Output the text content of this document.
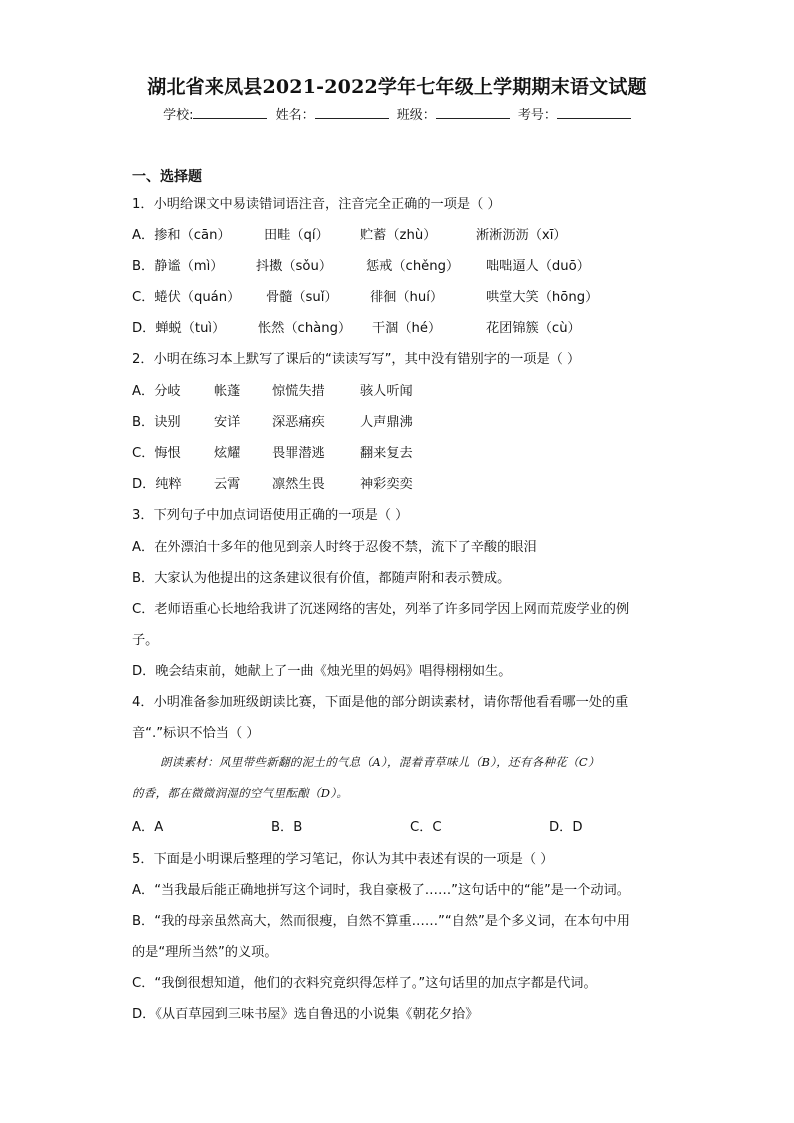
湖北省来凤县2021-2022学年七年级上学期期末语文试题
学校:	姓名：	班级：	考号：
一、选择题
1．小明给课文中易读错词语注音，注音完全正确的一项是（ ）
A．掺和（cān）	田畦（qí） 贮蓄（zhù）	淅淅沥沥（xī）
B．静谧（mì） 抖擞（sǒu）	惩戒（chěng） 咄咄逼人（duō）
C．蜷伏（quán） 骨髓（suǐ） 徘徊（huí）	哄堂大笑（hōng）
D．蝉蜕（tuì） 怅然（chàng） 干涸（hé）	花团锦簇（cù）
2．小明在练习本上默写了课后的“读读写写”，其中没有错别字的一项是（ ）
A．分岐	帐蓬 惊慌失措	骇人听闻
B．诀别	安详 深恶痛疾	人声鼎沸
C．悔恨	炫耀 畏罪潜逃	翻来复去
D．纯粹 云霄 凛然生畏	神彩奕奕
3．下列句子中加点词语使用正确的一项是（ ）
A．在外漂泊十多年的他见到亲人时终于忍俊不禁，流下了辛酸的眼泪
B．大家认为他提出的这条建议很有价值，都随声附和表示赞成。
C．老师语重心长地给我讲了沉迷网络的害处，列举了许多同学因上网而荒废学业的例
子。
D．晚会结束前，她献上了一曲《烛光里的妈妈》唱得栩栩如生。
4．小明准备参加班级朗读比赛，下面是他的部分朗读素材，请你帮他看看哪一处的重
音“.”标识不恰当（ ）
朗读素材：风里带些新翻的泥土的气息（A），混着青草味儿（B），还有各种花（C）
的香，都在微微润湿的空气里酝酿（D）。
A．A	B．B	C．C	D．D
5．下面是小明课后整理的学习笔记，你认为其中表述有误的一项是（ ）
A．“当我最后能正确地拼写这个词时，我自豪极了……”这句话中的“能”是一个动词。
B．“我的母亲虽然高大，然而很瘦，自然不算重……”“自然”是个多义词，在本句中用
的是“理所当然”的义项。
C．“我倒很想知道，他们的衣料究竟织得怎样了。”这句话里的加点字都是代词。
D．《从百草园到三味书屋》选自鲁迅的小说集《朝花夕拾》
